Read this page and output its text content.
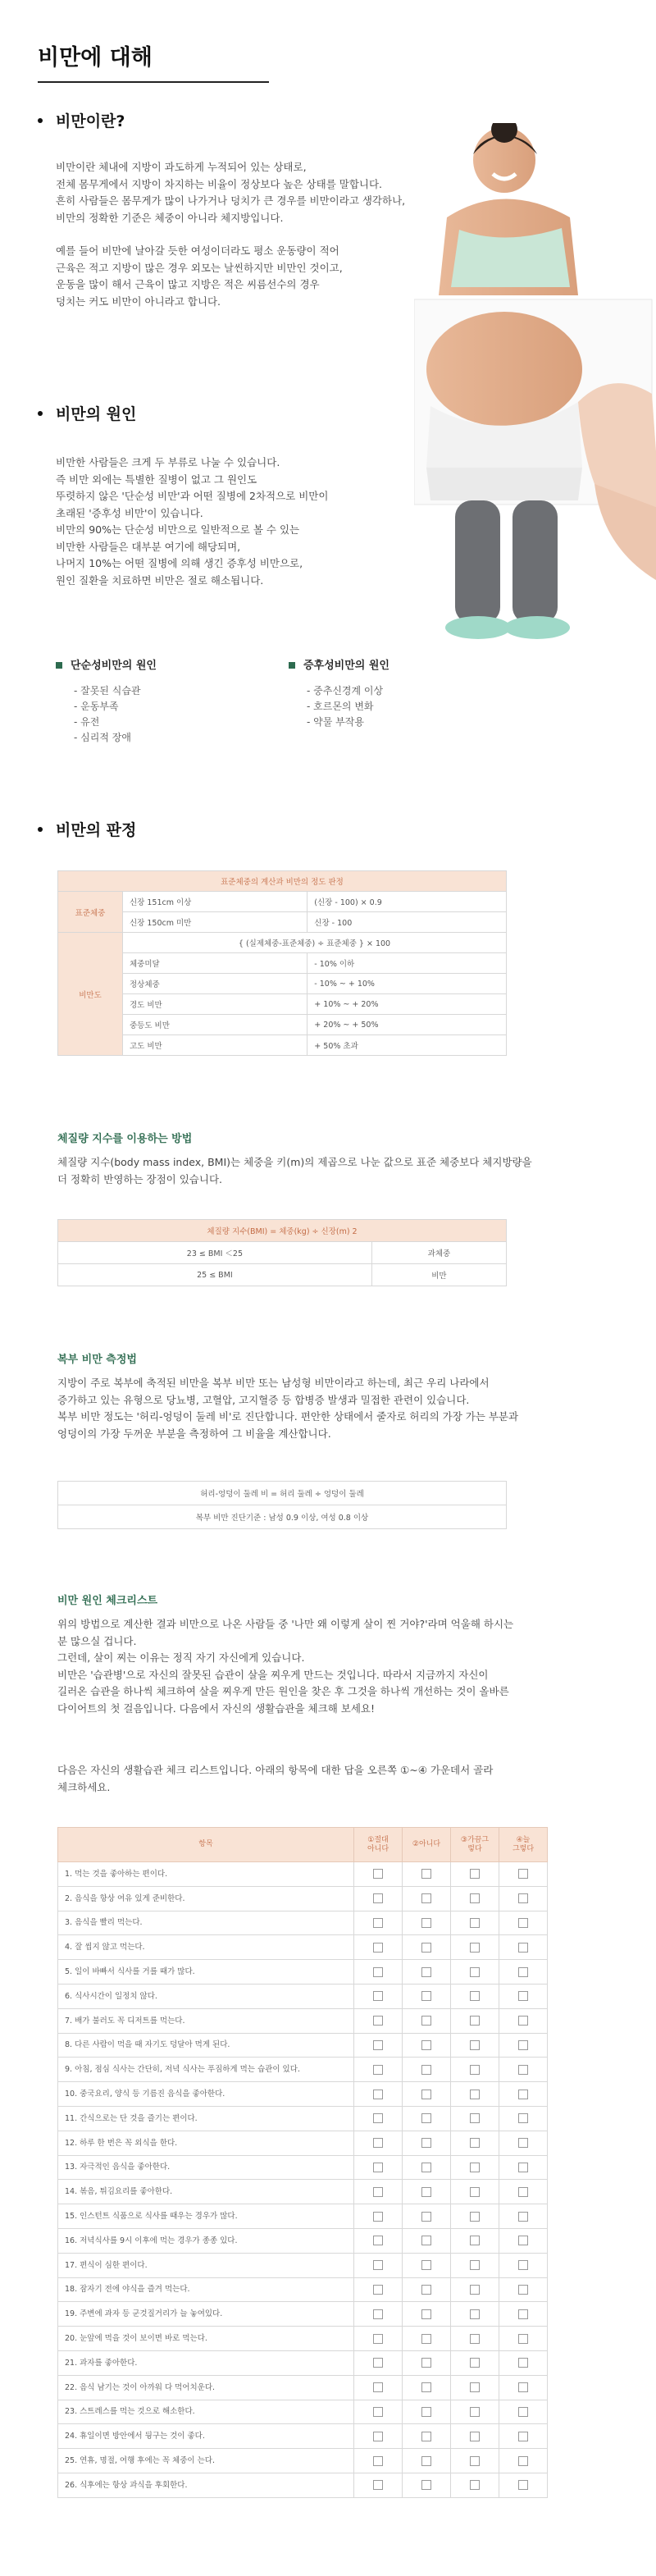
비만에 대해
비만이란?

비만이란 체내에 지방이 과도하게 누적되어 있는 상태로,

전체 몸무게에서 지방이 차지하는 비율이 정상보다 높은 상태를 말합니다.

흔히 사람들은 몸무게가 많이 나가거나 덩치가 큰 경우를 비만이라고 생각하나,

비만의 정확한 기준은 체중이 아니라 체지방입니다.

예를 들어 비만에 날아갈 듯한 여성이더라도 평소 운동량이 적어

근육은 적고 지방이 많은 경우 외모는 날씬하지만 비만인 것이고,

운동을 많이 해서 근육이 많고 지방은 적은 씨름선수의 경우

덩치는 커도 비만이 아니라고 합니다.

비만의 원인

비만한 사람들은 크게 두 부류로 나눌 수 있습니다.

즉 비만 외에는 특별한 질병이 없고 그 원인도

뚜렷하지 않은 '단순성 비만'과 어떤 질병에 2차적으로 비만이

초래된 '증후성 비만'이 있습니다.

비만의 90%는 단순성 비만으로 일반적으로 볼 수 있는

비만한 사람들은 대부분 여기에 해당되며,

나머지 10%는 어떤 질병에 의해 생긴 증후성 비만으로,

원인 질환을 치료하면 비만은 절로 해소됩니다.

단순성비만의 원인
- 잘못된 식습관
- 운동부족
- 유전
- 심리적 장애
증후성비만의 원인
- 중추신경계 이상
- 호르몬의 변화
- 약물 부작용
비만의 판정
표준체중의 계산과 비만의 정도 판정		
표준체중	신장 151cm 이상	(신장 - 100) × 0.9
	신장 150cm 미만	신장 - 100
비만도	{ (실제체중-표준체중) ÷ 표준체중 } × 100	
	체중미달	- 10% 이하
	정상체중	- 10% ~ + 10%
	경도 비만	+ 10% ~ + 20%
	중등도 비만	+ 20% ~ + 50%
	고도 비만	+ 50% 초과
체질량 지수를 이용하는 방법

체질량 지수(body mass index, BMI)는 체중을 키(m)의 제곱으로 나눈 값으로 표준 체중보다 체지방량을

더 정확히 반영하는 장점이 있습니다.

체질량 지수(BMI) = 체중(kg) ÷ 신장(m) 2	
23 ≤ BMI ＜25	과체중
25 ≤ BMI	비만
복부 비만 측정법

지방이 주로 복부에 축적된 비만을 복부 비만 또는 남성형 비만이라고 하는데, 최근 우리 나라에서

증가하고 있는 유형으로 당뇨병, 고혈압, 고지혈증 등 합병증 발생과 밀접한 관련이 있습니다.

복부 비만 정도는 '허리-엉덩이 둘레 비'로 진단합니다. 편안한 상태에서 줄자로 허리의 가장 가는 부분과

엉덩이의 가장 두꺼운 부분을 측정하여 그 비율을 계산합니다.

허리-엉덩이 둘레 비 = 허리 둘레 ÷ 엉덩이 둘레
복부 비만 진단기준 : 남성 0.9 이상, 여성 0.8 이상
비만 원인 체크리스트

위의 방법으로 계산한 결과 비만으로 나온 사람들 중 '나만 왜 이렇게 살이 찐 거야?'라며 억울해 하시는

분 많으실 겁니다.

그런데, 살이 찌는 이유는 정직 자기 자신에게 있습니다.

비만은 '습관병'으로 자신의 잘못된 습관이 살을 찌우게 만드는 것입니다. 따라서 지금까지 자신이

길러온 습관을 하나씩 체크하여 살을 찌우게 만든 원인을 찾은 후 그것을 하나씩 개선하는 것이 올바른

다이어트의 첫 걸음입니다. 다음에서 자신의 생활습관을 체크해 보세요!

다음은 자신의 생활습관 체크 리스트입니다. 아래의 항목에 대한 답을 오른쪽 ①~④ 가운데서 골라

체크하세요.

항목	①절대
아니다	②아니다	③가끔그
렇다	④늘
그렇다
1. 먹는 것을 좋아하는 편이다.				
2. 음식을 항상 여유 있게 준비한다.				
3. 음식을 빨리 먹는다.				
4. 잘 씹지 않고 먹는다.				
5. 일이 바빠서 식사를 거를 때가 많다.				
6. 식사시간이 일정치 않다.				
7. 배가 불러도 꼭 디저트를 먹는다.				
8. 다른 사람이 먹을 때 자기도 덩달아 먹게 된다.				
9. 아침, 점심 식사는 간단히, 저녁 식사는 푸짐하게 먹는 습관이 있다.				
10. 중국요리, 양식 등 기름진 음식을 좋아한다.				
11. 간식으로는 단 것을 즐기는 편이다.				
12. 하루 한 번은 꼭 외식을 한다.				
13. 자극적인 음식을 좋아한다.				
14. 볶음, 튀김요리를 좋아한다.				
15. 인스턴트 식품으로 식사를 때우는 경우가 많다.				
16. 저녁식사를 9시 이후에 먹는 경우가 종종 있다.				
17. 편식이 심한 편이다.				
18. 잠자기 전에 야식을 즐겨 먹는다.				
19. 주변에 과자 등 군것질거리가 늘 놓여있다.				
20. 눈앞에 먹을 것이 보이면 바로 먹는다.				
21. 과자를 좋아한다.				
22. 음식 남기는 것이 아까워 다 먹어치운다.				
23. 스트레스를 먹는 것으로 해소한다.				
24. 휴일이면 방안에서 뒹구는 것이 좋다.				
25. 연휴, 명절, 여행 후에는 꼭 체중이 는다.				
26. 식후에는 항상 과식을 후회한다.				
